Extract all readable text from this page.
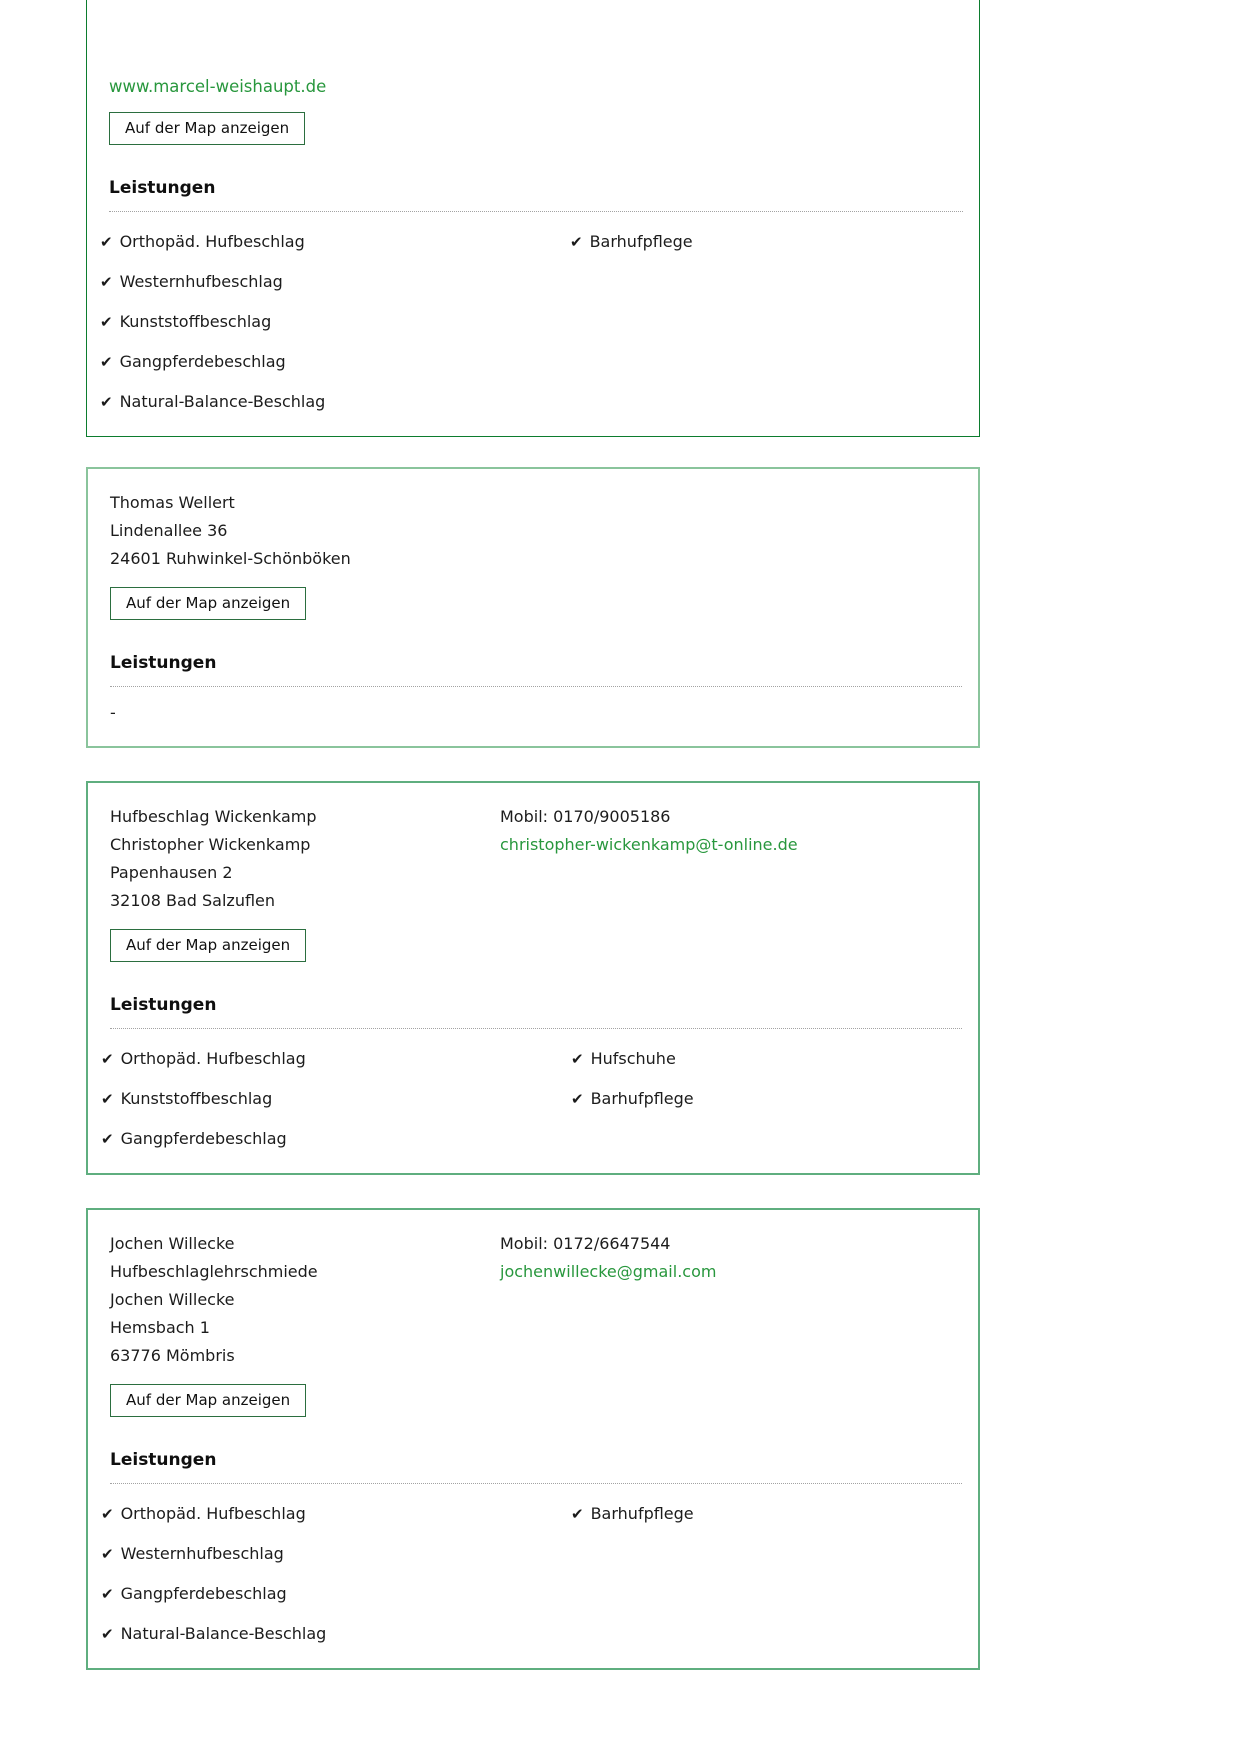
www.marcel-weishaupt.de
Auf der Map anzeigen
Leistungen
✔ Orthopäd. Hufbeschlag
✔ Westernhufbeschlag
✔ Kunststoffbeschlag
✔ Gangpferdebeschlag
✔ Natural-Balance-Beschlag
✔ Barhufpflege
Thomas Wellert
Lindenallee 36
24601 Ruhwinkel-Schönböken
Auf der Map anzeigen
Leistungen
-
Hufbeschlag Wickenkamp
Christopher Wickenkamp
Papenhausen 2
32108 Bad Salzuflen
Auf der Map anzeigen
Mobil: 0170/9005186
christopher-wickenkamp@t-online.de
Leistungen
✔ Orthopäd. Hufbeschlag
✔ Kunststoffbeschlag
✔ Gangpferdebeschlag
✔ Hufschuhe
✔ Barhufpflege
Jochen Willecke
Hufbeschlaglehrschmiede
Jochen Willecke
Hemsbach 1
63776 Mömbris
Auf der Map anzeigen
Mobil: 0172/6647544
jochenwillecke@gmail.com
Leistungen
✔ Orthopäd. Hufbeschlag
✔ Westernhufbeschlag
✔ Gangpferdebeschlag
✔ Natural-Balance-Beschlag
✔ Barhufpflege
